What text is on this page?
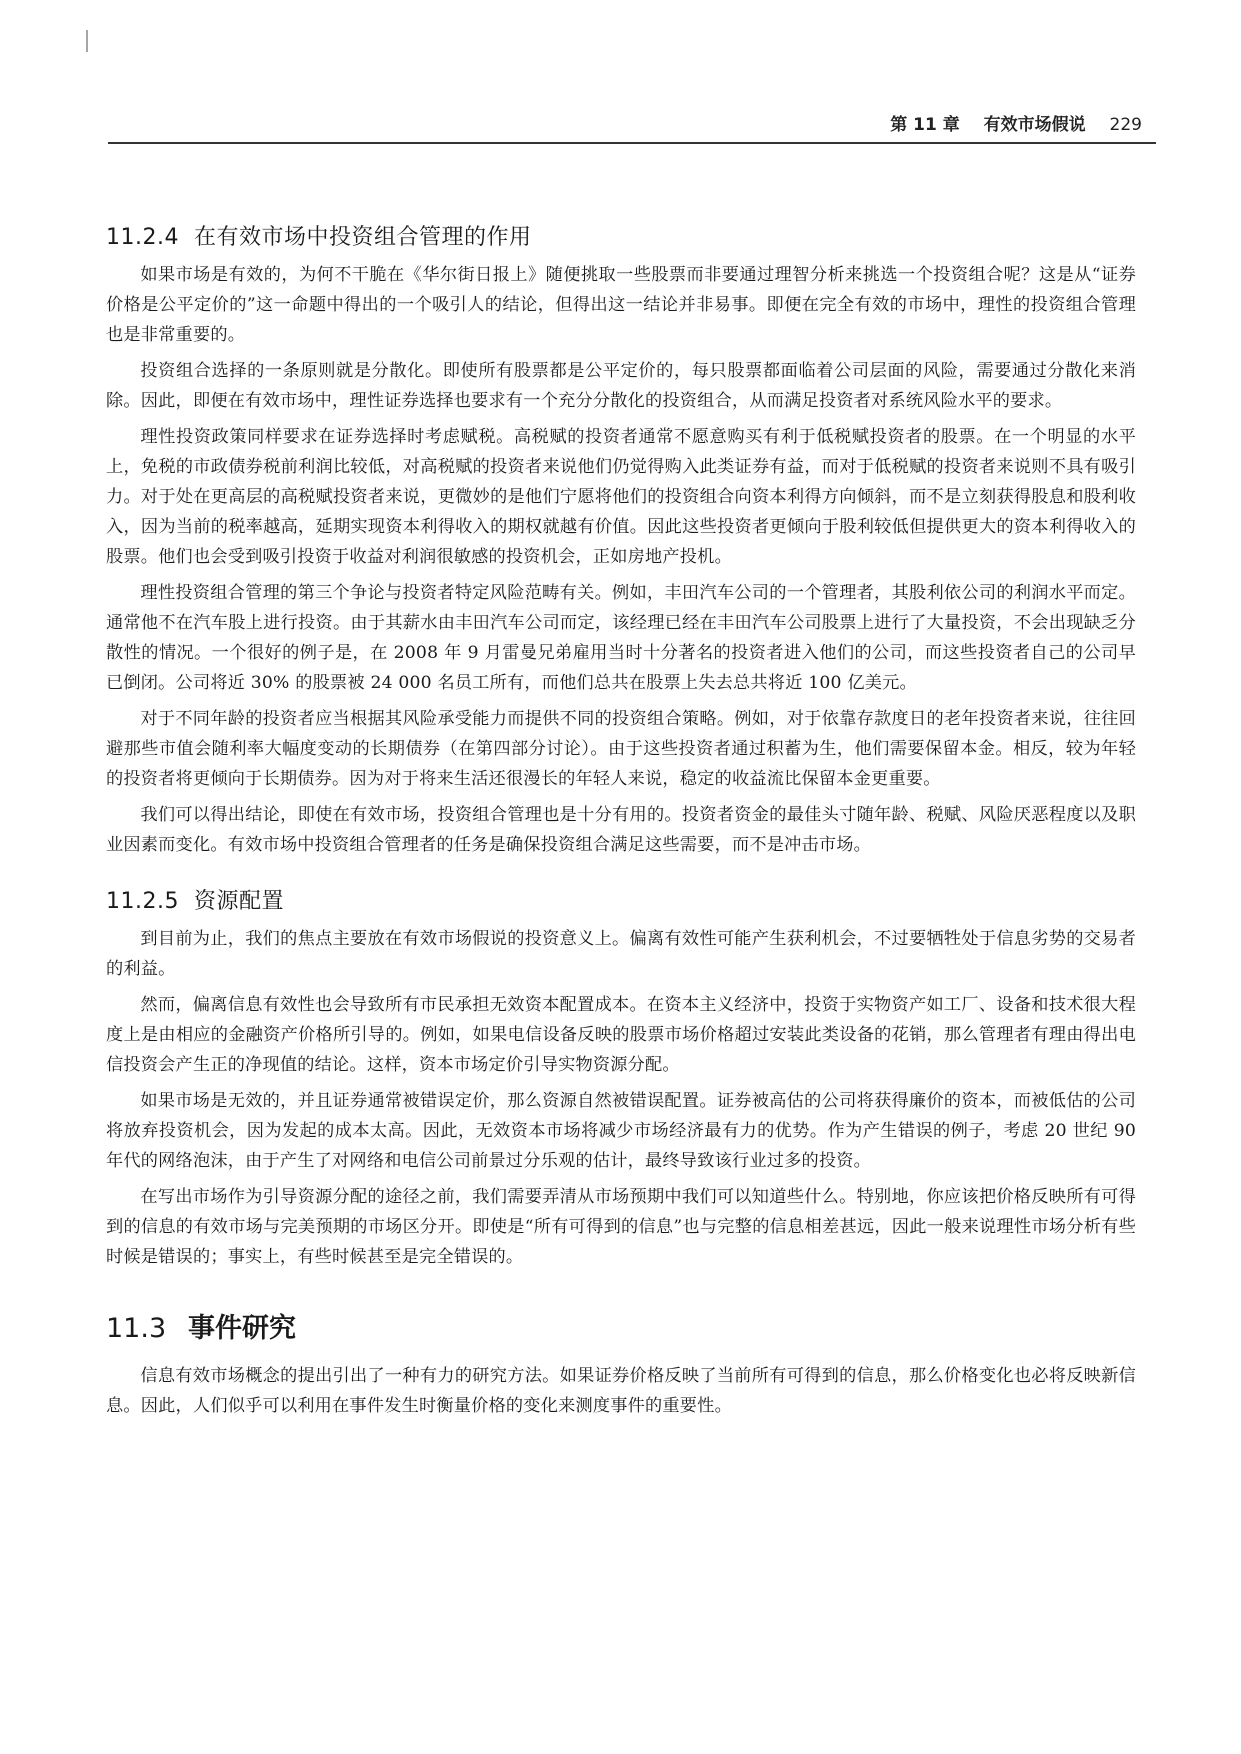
第 11 章 有效市场假说 229
11.2.4 在有效市场中投资组合管理的作用

如果市场是有效的，为何不干脆在《华尔街日报上》随便挑取一些股票而非要通过理智分析来挑选一个投资组合呢？这是从“证券价格是公平定价的”这一命题中得出的一个吸引人的结论，但得出这一结论并非易事。即便在完全有效的市场中，理性的投资组合管理也是非常重要的。

投资组合选择的一条原则就是分散化。即使所有股票都是公平定价的，每只股票都面临着公司层面的风险，需要通过分散化来消除。因此，即便在有效市场中，理性证券选择也要求有一个充分分散化的投资组合，从而满足投资者对系统风险水平的要求。

理性投资政策同样要求在证券选择时考虑赋税。高税赋的投资者通常不愿意购买有利于低税赋投资者的股票。在一个明显的水平上，免税的市政债券税前利润比较低，对高税赋的投资者来说他们仍觉得购入此类证券有益，而对于低税赋的投资者来说则不具有吸引力。对于处在更高层的高税赋投资者来说，更微妙的是他们宁愿将他们的投资组合向资本利得方向倾斜，而不是立刻获得股息和股利收入，因为当前的税率越高，延期实现资本利得收入的期权就越有价值。因此这些投资者更倾向于股利较低但提供更大的资本利得收入的股票。他们也会受到吸引投资于收益对利润很敏感的投资机会，正如房地产投机。

理性投资组合管理的第三个争论与投资者特定风险范畴有关。例如，丰田汽车公司的一个管理者，其股利依公司的利润水平而定。通常他不在汽车股上进行投资。由于其薪水由丰田汽车公司而定，该经理已经在丰田汽车公司股票上进行了大量投资，不会出现缺乏分散性的情况。一个很好的例子是，在 2008 年 9 月雷曼兄弟雇用当时十分著名的投资者进入他们的公司，而这些投资者自己的公司早已倒闭。公司将近 30% 的股票被 24 000 名员工所有，而他们总共在股票上失去总共将近 100 亿美元。

对于不同年龄的投资者应当根据其风险承受能力而提供不同的投资组合策略。例如，对于依靠存款度日的老年投资者来说，往往回避那些市值会随利率大幅度变动的长期债券（在第四部分讨论）。由于这些投资者通过积蓄为生，他们需要保留本金。相反，较为年轻的投资者将更倾向于长期债券。因为对于将来生活还很漫长的年轻人来说，稳定的收益流比保留本金更重要。

我们可以得出结论，即使在有效市场，投资组合管理也是十分有用的。投资者资金的最佳头寸随年龄、税赋、风险厌恶程度以及职业因素而变化。有效市场中投资组合管理者的任务是确保投资组合满足这些需要，而不是冲击市场。

11.2.5 资源配置

到目前为止，我们的焦点主要放在有效市场假说的投资意义上。偏离有效性可能产生获利机会，不过要牺牲处于信息劣势的交易者的利益。

然而，偏离信息有效性也会导致所有市民承担无效资本配置成本。在资本主义经济中，投资于实物资产如工厂、设备和技术很大程度上是由相应的金融资产价格所引导的。例如，如果电信设备反映的股票市场价格超过安装此类设备的花销，那么管理者有理由得出电信投资会产生正的净现值的结论。这样，资本市场定价引导实物资源分配。

如果市场是无效的，并且证券通常被错误定价，那么资源自然被错误配置。证券被高估的公司将获得廉价的资本，而被低估的公司将放弃投资机会，因为发起的成本太高。因此，无效资本市场将减少市场经济最有力的优势。作为产生错误的例子，考虑 20 世纪 90 年代的网络泡沫，由于产生了对网络和电信公司前景过分乐观的估计，最终导致该行业过多的投资。

在写出市场作为引导资源分配的途径之前，我们需要弄清从市场预期中我们可以知道些什么。特别地，你应该把价格反映所有可得到的信息的有效市场与完美预期的市场区分开。即使是“所有可得到的信息”也与完整的信息相差甚远，因此一般来说理性市场分析有些时候是错误的；事实上，有些时候甚至是完全错误的。

11.3 事件研究

信息有效市场概念的提出引出了一种有力的研究方法。如果证券价格反映了当前所有可得到的信息，那么价格变化也必将反映新信息。因此，人们似乎可以利用在事件发生时衡量价格的变化来测度事件的重要性。
